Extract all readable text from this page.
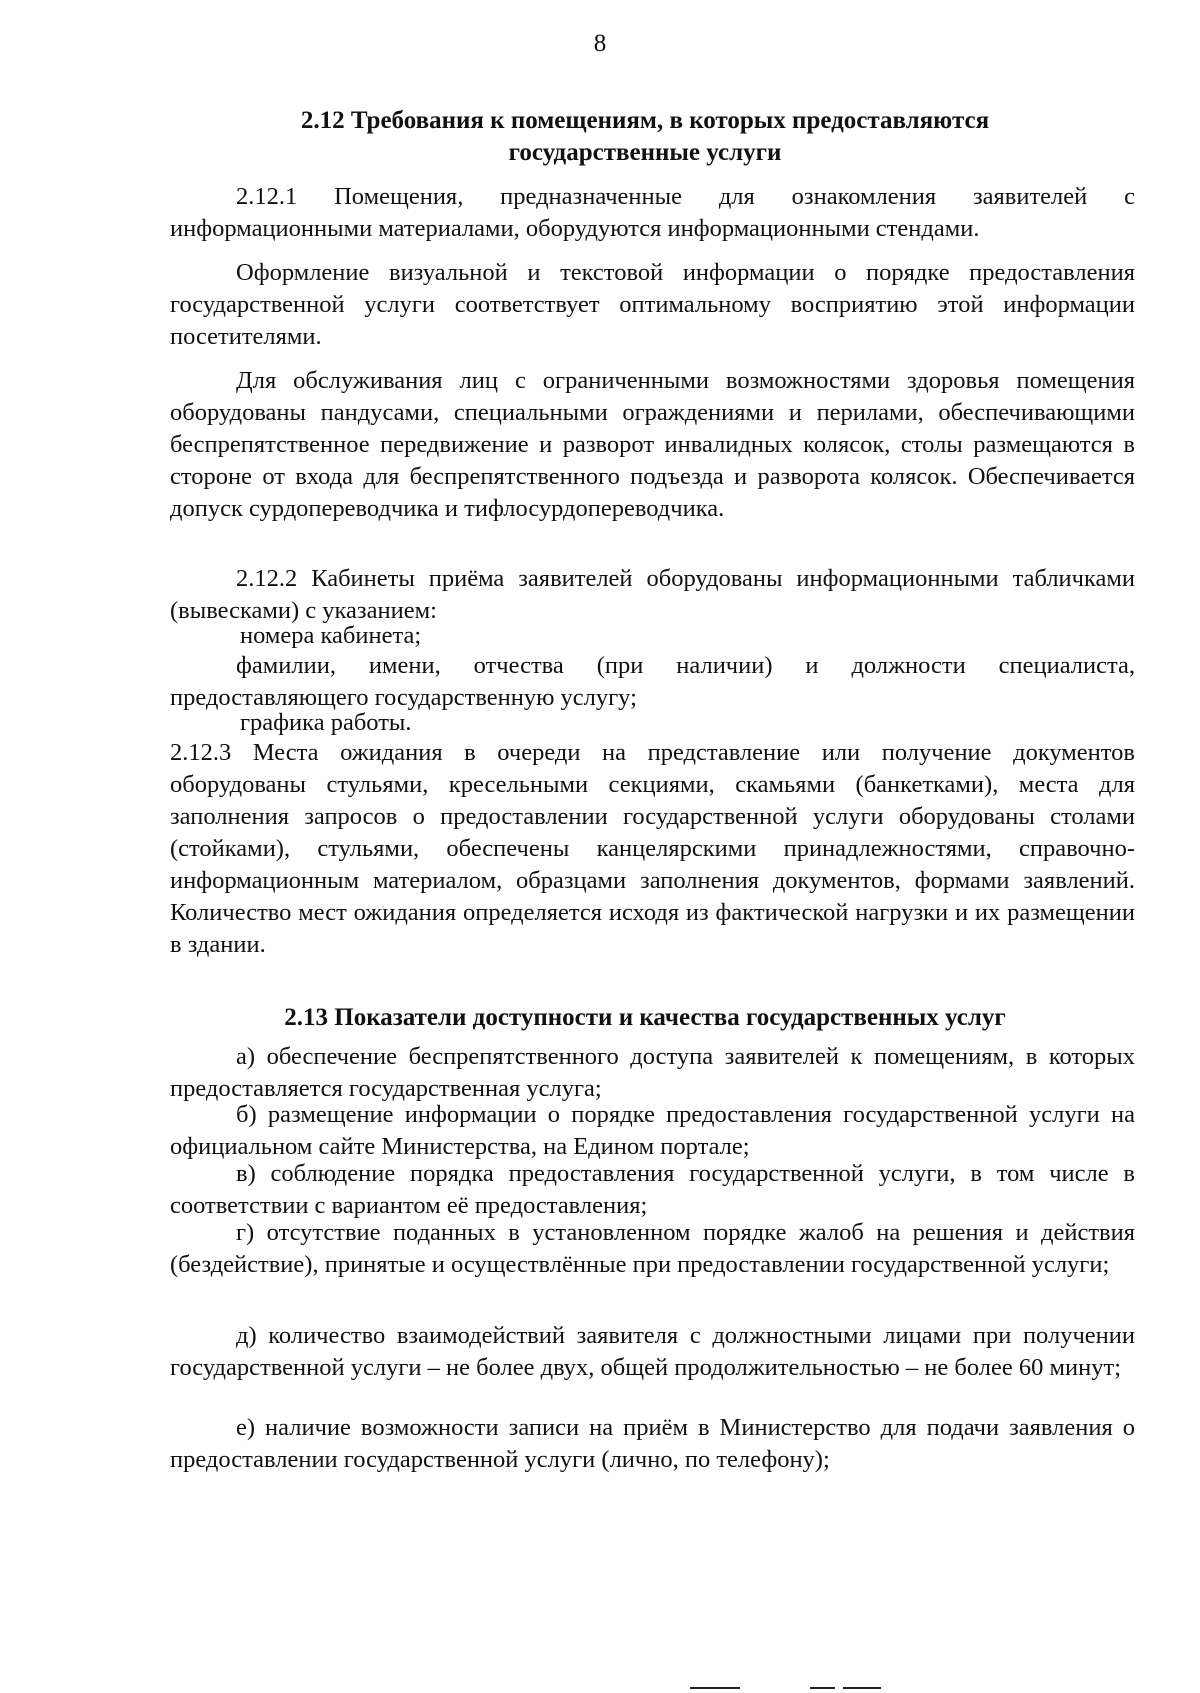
8
2.12 Требования к помещениям, в которых предоставляются
государственные услуги
2.12.1 Помещения, предназначенные для ознакомления заявителей с информационными материалами, оборудуются информационными стендами.
Оформление визуальной и текстовой информации о порядке предоставления государственной услуги соответствует оптимальному восприятию этой информации посетителями.
Для обслуживания лиц с ограниченными возможностями здоровья помещения оборудованы пандусами, специальными ограждениями и перилами, обеспечивающими беспрепятственное передвижение и разворот инвалидных колясок, столы размещаются в стороне от входа для беспрепятственного подъезда и разворота колясок. Обеспечивается допуск сурдопереводчика и тифлосурдопереводчика.
2.12.2 Кабинеты приёма заявителей оборудованы информационными табличками (вывесками) с указанием:
номера кабинета;
фамилии, имени, отчества (при наличии) и должности специалиста, предоставляющего государственную услугу;
графика работы.
2.12.3 Места ожидания в очереди на представление или получение документов оборудованы стульями, кресельными секциями, скамьями (банкетками), места для заполнения запросов о предоставлении государственной услуги оборудованы столами (стойками), стульями, обеспечены канцелярскими принадлежностями, справочно-информационным материалом, образцами заполнения документов, формами заявлений. Количество мест ожидания определяется исходя из фактической нагрузки и их размещении в здании.
2.13 Показатели доступности и качества государственных услуг
а) обеспечение беспрепятственного доступа заявителей к помещениям, в которых предоставляется государственная услуга;
б) размещение информации о порядке предоставления государственной услуги на официальном сайте Министерства, на Едином портале;
в) соблюдение порядка предоставления государственной услуги, в том числе в соответствии с вариантом её предоставления;
г) отсутствие поданных в установленном порядке жалоб на решения и действия (бездействие), принятые и осуществлённые при предоставлении государственной услуги;
д) количество взаимодействий заявителя с должностными лицами при получении государственной услуги – не более двух, общей продолжительностью – не более 60 минут;
е) наличие возможности записи на приём в Министерство для подачи заявления о предоставлении государственной услуги (лично, по телефону);
